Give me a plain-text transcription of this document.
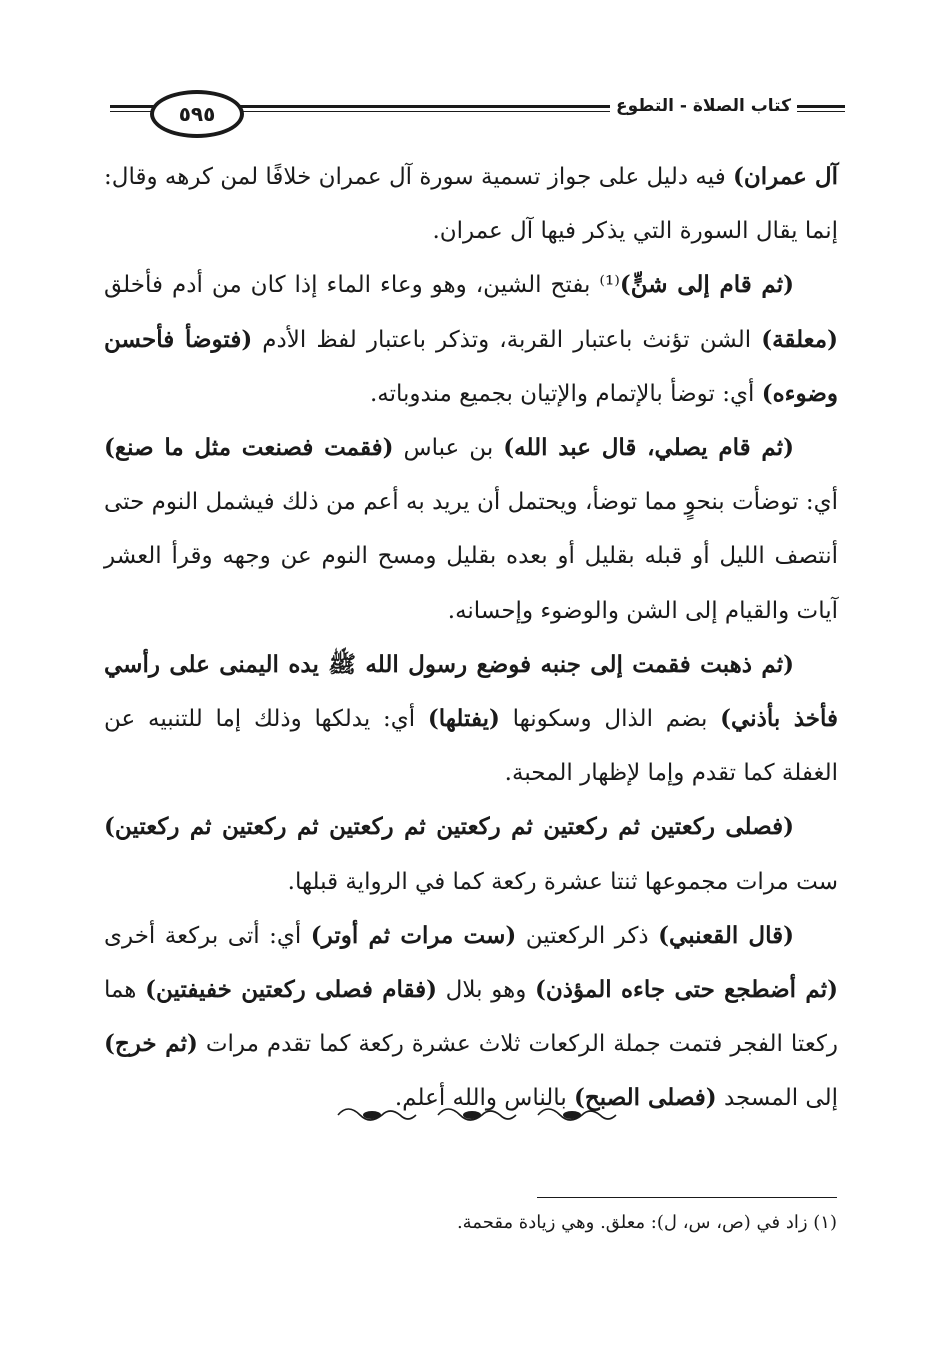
٥٩٥	كتاب الصلاة - التطوع

آل عمران) فيه دليل على جواز تسمية سورة آل عمران خلافًا لمن كرهه وقال: إنما يقال السورة التي يذكر فيها آل عمران.

(ثم قام إلى شنٍّ)⁽¹⁾ بفتح الشين، وهو وعاء الماء إذا كان من أدم فأخلق (معلقة) الشن تؤنث باعتبار القربة، وتذكر باعتبار لفظ الأدم (فتوضأ فأحسن وضوءه) أي: توضأ بالإتمام والإتيان بجميع مندوباته.

(ثم قام يصلي، قال عبد الله) بن عباس (فقمت فصنعت مثل ما صنع) أي: توضأت بنحوٍ مما توضأ، ويحتمل أن يريد به أعم من ذلك فيشمل النوم حتى أنتصف الليل أو قبله بقليل أو بعده بقليل ومسح النوم عن وجهه وقرأ العشر آيات والقيام إلى الشن والوضوء وإحسانه.

(ثم ذهبت فقمت إلى جنبه فوضع رسول الله ﷺ يده اليمنى على رأسي فأخذ بأذني) بضم الذال وسكونها (يفتلها) أي: يدلكها وذلك إما للتنبيه عن الغفلة كما تقدم وإما لإظهار المحبة.

(فصلى ركعتين ثم ركعتين ثم ركعتين ثم ركعتين ثم ركعتين ثم ركعتين) ست مرات مجموعها ثنتا عشرة ركعة كما في الرواية قبلها.

(قال القعنبي) ذكر الركعتين (ست مرات ثم أوتر) أي: أتى بركعة أخرى (ثم أضطجع حتى جاءه المؤذن) وهو بلال (فقام فصلى ركعتين خفيفتين) هما ركعتا الفجر فتمت جملة الركعات ثلاث عشرة ركعة كما تقدم مرات (ثم خرج) إلى المسجد (فصلى الصبح) بالناس والله أعلم.

(١) زاد في (ص، س، ل): معلق. وهي زيادة مقحمة.
